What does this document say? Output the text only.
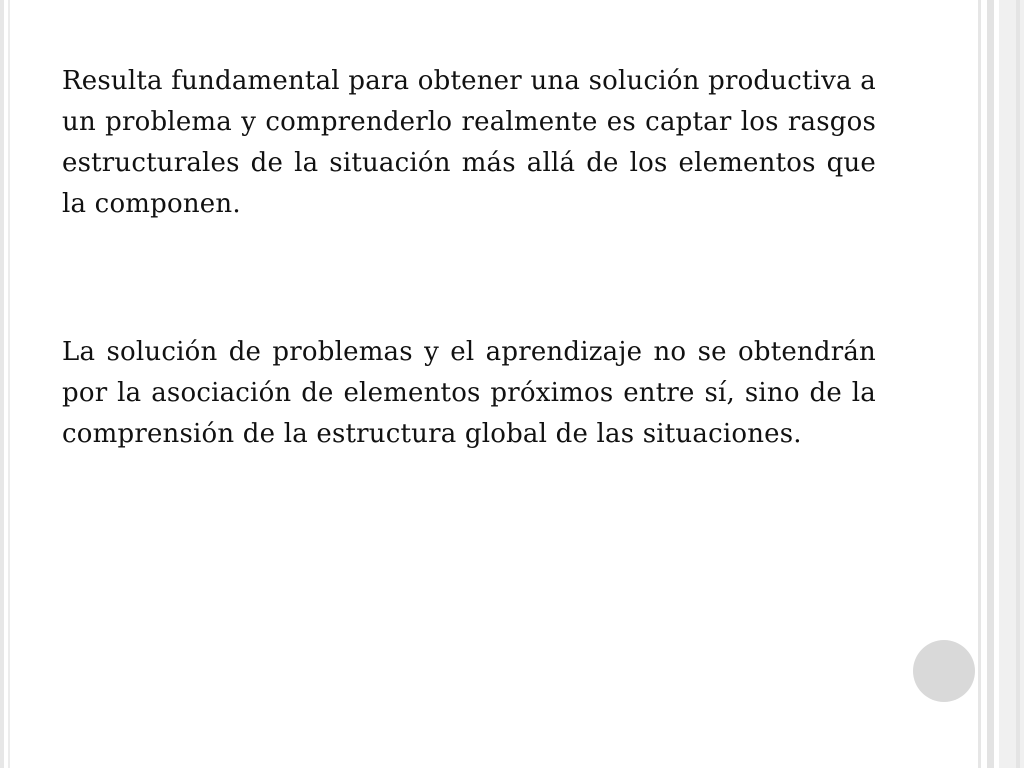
Resulta fundamental para obtener una solución productiva a un problema y comprenderlo realmente es captar los rasgos estructurales de la situación más allá de los elementos que la componen.

La solución de problemas y el aprendizaje no se obtendrán por la asociación de elementos próximos entre sí, sino de la comprensión de la estructura global de las situaciones.
